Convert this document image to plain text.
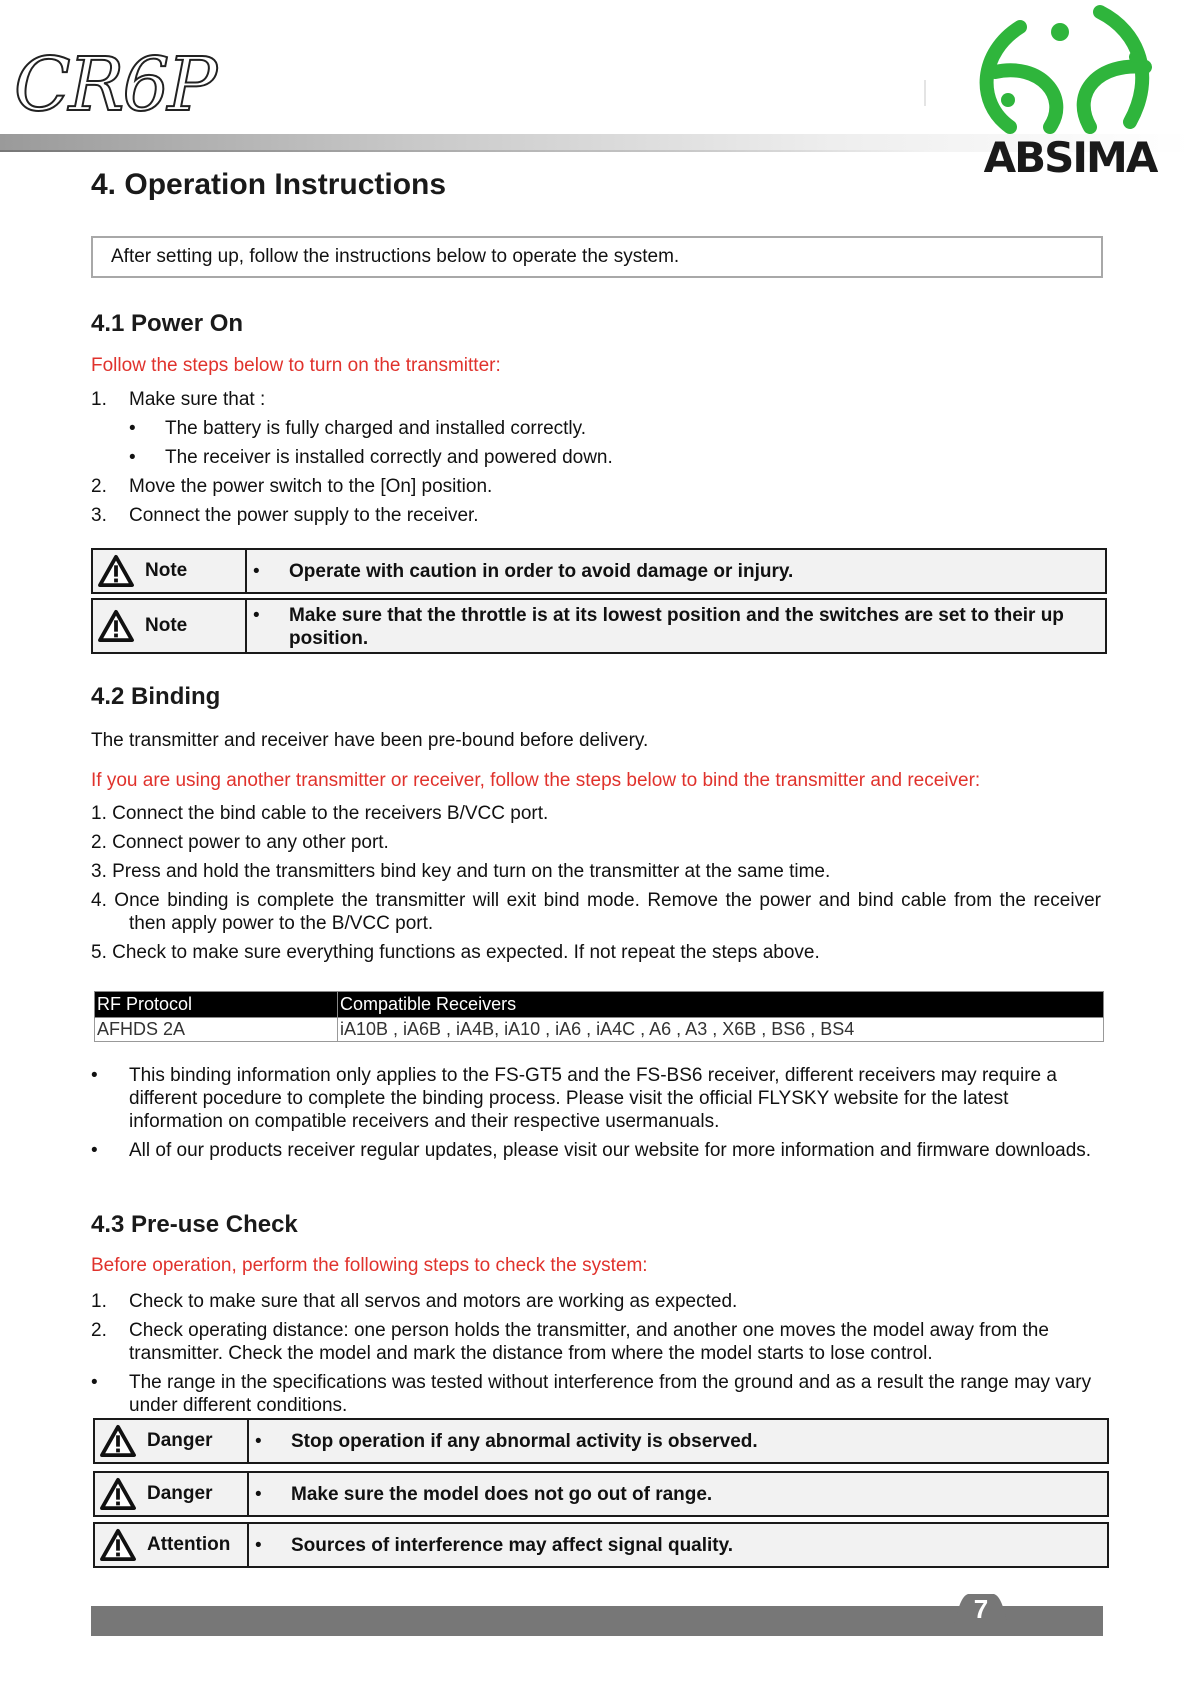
CR6P
ABSIMA
4. Operation Instructions
After setting up, follow the instructions below to operate the system.
4.1 Power On
Follow the steps below to turn on the transmitter:
1. Make sure that :
• The battery is fully charged and installed correctly.
• The receiver is installed correctly and powered down.
2. Move the power switch to the [On] position.
3. Connect the power supply to the receiver.
Note	•	Operate with caution in order to avoid damage or injury.
Note	•	Make sure that the throttle is at its lowest position and the switches are set to their up position.
4.2 Binding
The transmitter and receiver have been pre-bound before delivery.
If you are using another transmitter or receiver, follow the steps below to bind the transmitter and receiver:
1. Connect the bind cable to the receivers B/VCC port.
2. Connect power to any other port.
3. Press and hold the transmitters bind key and turn on the transmitter at the same time.
4. Once binding is complete the transmitter will exit bind mode. Remove the power and bind cable from the receiver then apply power to the B/VCC port.
5. Check to make sure everything functions as expected. If not repeat the steps above.
RF Protocol	Compatible Receivers
AFHDS 2A	iA10B , iA6B , iA4B, iA10 , iA6 , iA4C , A6 , A3 , X6B , BS6 , BS4
•	This binding information only applies to the FS-GT5 and the FS-BS6 receiver, different receivers may require a different pocedure to complete the binding process. Please visit the official FLYSKY website for the latest information on compatible receivers and their respective usermanuals.
•	All of our products receiver regular updates, please visit our website for more information and firmware downloads.
4.3 Pre-use Check
Before operation, perform the following steps to check the system:
1.	Check to make sure that all servos and motors are working as expected.
2.	Check operating distance: one person holds the transmitter, and another one moves the model away from the transmitter. Check the model and mark the distance from where the model starts to lose control.
•	The range in the specifications was tested without interference from the ground and as a result the range may vary under different conditions.
Danger •	Stop operation if any abnormal activity is observed.
Danger •	Make sure the model does not go out of range.
Attention •	Sources of interference may affect signal quality.
7
